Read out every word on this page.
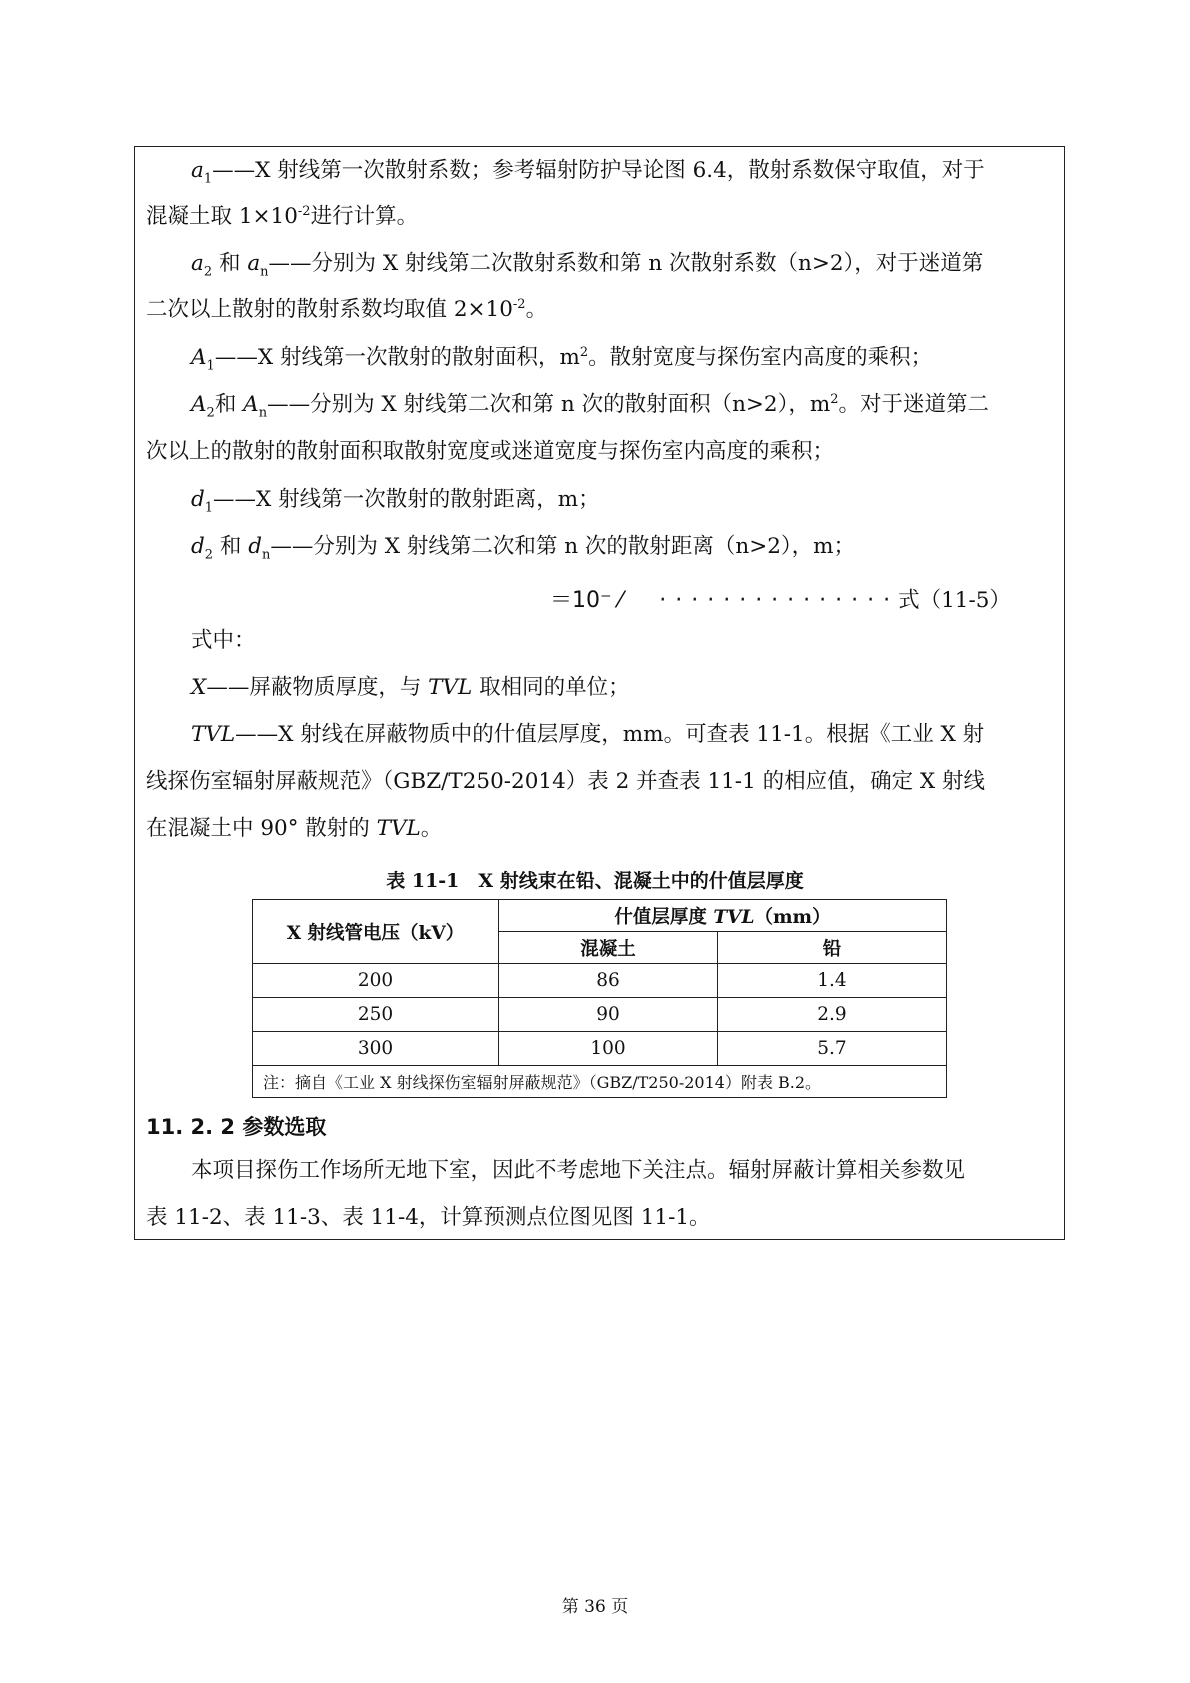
$a_1——X$ 射线第一次散射系数；参考辐射防护导论图 6.4，散射系数保守取值，对于
混凝土取 $1\times 10^{-2}$进行计算。
$a_2$ 和 $a_n——$分别为 X 射线第二次散射系数和第 n 次散射系数（n>2），对于迷道第
二次以上散射的散射系数均取值 $2\times 10^{-2}$。
$A_1——X$ 射线第一次散射的散射面积，$m^2$。散射宽度与探伤室内高度的乘积；
$A_2$和 $A_n——$分别为 X 射线第二次和第 n 次的散射面积（n>2），$m^2$。对于迷道第二
次以上的散射的散射面积取散射宽度或迷道宽度与探伤室内高度的乘积；
$d_1——X$ 射线第一次散射的散射距离，m；
$d_2$ 和 $d_n——$分别为 X 射线第二次和第 n 次的散射距离（n>2），m；
＝10⁻ ⁄ · · · · · · · · · · · · · · · 式（11-5）
式中：
X——屏蔽物质厚度，与 TVL 取相同的单位；
TVL——X 射线在屏蔽物质中的什值层厚度，mm。可查表 11-1。根据《工业 X 射
线探伤室辐射屏蔽规范》（GBZ/T250-2014）表 2 并查表 11-1 的相应值，确定 X 射线
在混凝土中 90° 散射的 TVL。
表 11-1　X 射线束在铅、混凝土中的什值层厚度
X 射线管电压（kV）	什值层厚度 TVL（mm）	
	混凝土	铅
200	86	1.4
250	90	2.9
300	100	5.7
注：摘自《工业 X 射线探伤室辐射屏蔽规范》（GBZ/T250-2014）附表 B.2。		
11. 2. 2 参数选取
本项目探伤工作场所无地下室，因此不考虑地下关注点。辐射屏蔽计算相关参数见
表 11-2、表 11-3、表 11-4，计算预测点位图见图 11-1。
第 36 页
